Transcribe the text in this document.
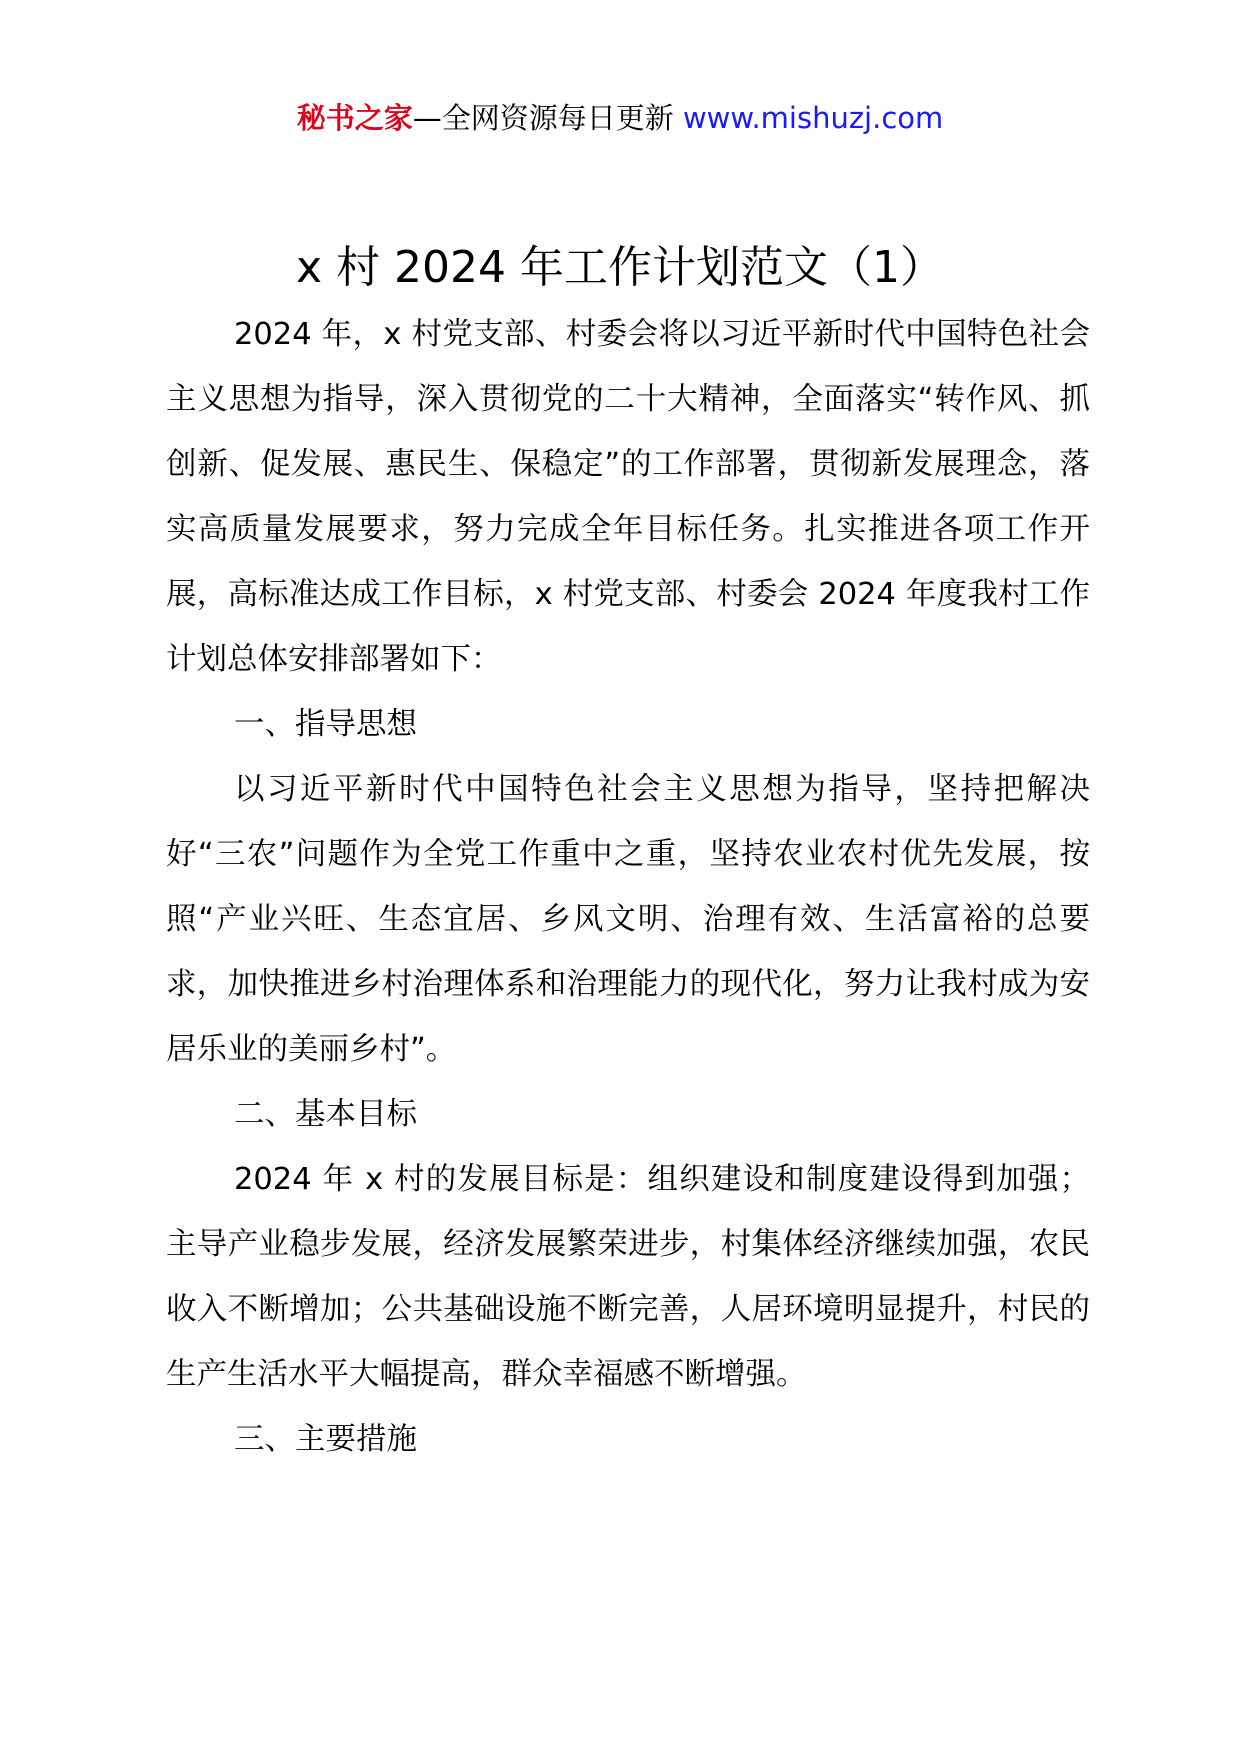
秘书之家—全网资源每日更新 www.mishuzj.com
x 村 2024 年工作计划范文（1）

2024 年，x 村党支部、村委会将以习近平新时代中国特色社会主义思想为指导，深入贯彻党的二十大精神，全面落实“转作风、抓创新、促发展、惠民生、保稳定”的工作部署，贯彻新发展理念，落实高质量发展要求，努力完成全年目标任务。扎实推进各项工作开展，高标准达成工作目标，x 村党支部、村委会 2024 年度我村工作计划总体安排部署如下：

一、指导思想

以习近平新时代中国特色社会主义思想为指导，坚持把解决好“三农”问题作为全党工作重中之重，坚持农业农村优先发展，按照“产业兴旺、生态宜居、乡风文明、治理有效、生活富裕的总要求，加快推进乡村治理体系和治理能力的现代化，努力让我村成为安居乐业的美丽乡村”。

二、基本目标

2024 年 x 村的发展目标是：组织建设和制度建设得到加强；主导产业稳步发展，经济发展繁荣进步，村集体经济继续加强，农民收入不断增加；公共基础设施不断完善，人居环境明显提升，村民的生产生活水平大幅提高，群众幸福感不断增强。

三、主要措施
